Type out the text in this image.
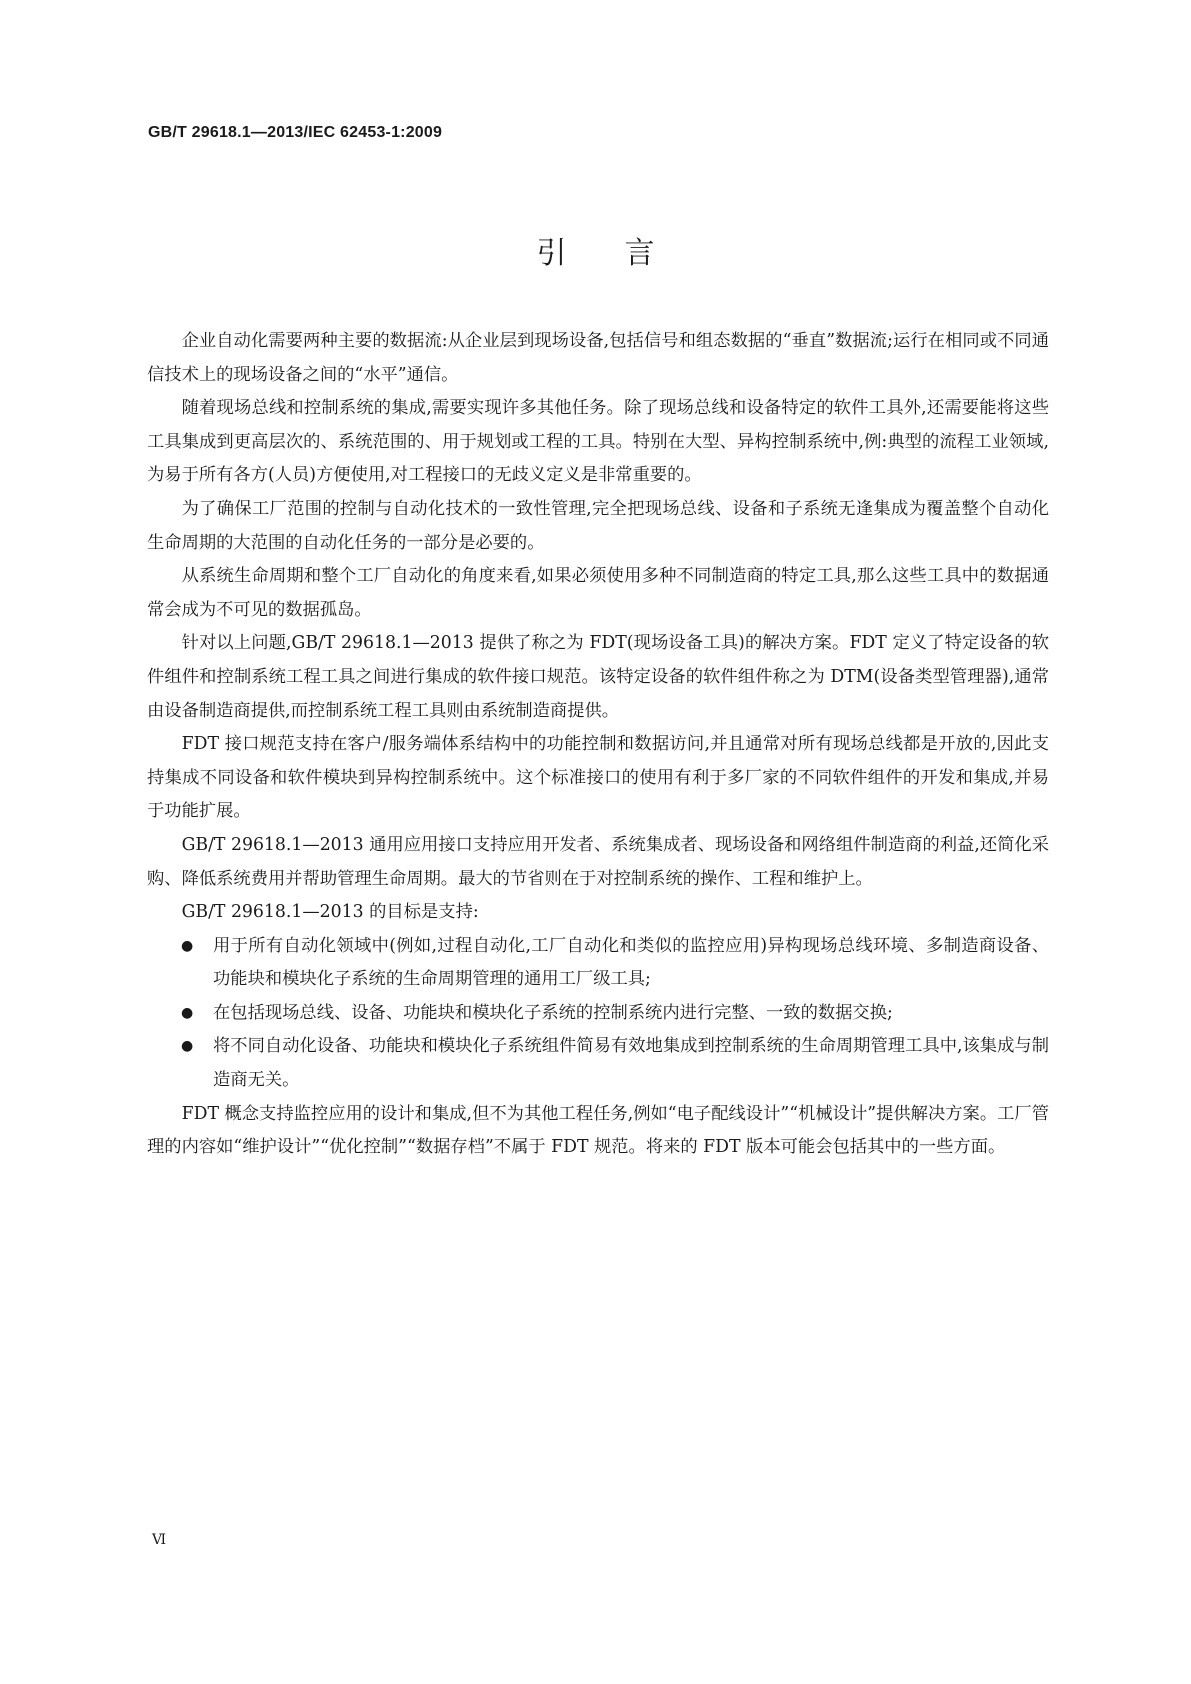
GB/T 29618.1—2013/IEC 62453-1:2009
引言

企业自动化需要两种主要的数据流:从企业层到现场设备,包括信号和组态数据的“垂直”数据流;运行在相同或不同通信技术上的现场设备之间的“水平”通信。

随着现场总线和控制系统的集成,需要实现许多其他任务。除了现场总线和设备特定的软件工具外,还需要能将这些工具集成到更高层次的、系统范围的、用于规划或工程的工具。特别在大型、异构控制系统中,例:典型的流程工业领域,为易于所有各方(人员)方便使用,对工程接口的无歧义定义是非常重要的。

为了确保工厂范围的控制与自动化技术的一致性管理,完全把现场总线、设备和子系统无逢集成为覆盖整个自动化生命周期的大范围的自动化任务的一部分是必要的。

从系统生命周期和整个工厂自动化的角度来看,如果必须使用多种不同制造商的特定工具,那么这些工具中的数据通常会成为不可见的数据孤岛。

针对以上问题,GB/T 29618.1—2013 提供了称之为 FDT(现场设备工具)的解决方案。FDT 定义了特定设备的软件组件和控制系统工程工具之间进行集成的软件接口规范。该特定设备的软件组件称之为 DTM(设备类型管理器),通常由设备制造商提供,而控制系统工程工具则由系统制造商提供。

FDT 接口规范支持在客户/服务端体系结构中的功能控制和数据访问,并且通常对所有现场总线都是开放的,因此支持集成不同设备和软件模块到异构控制系统中。这个标准接口的使用有利于多厂家的不同软件组件的开发和集成,并易于功能扩展。

GB/T 29618.1—2013 通用应用接口支持应用开发者、系统集成者、现场设备和网络组件制造商的利益,还简化采购、降低系统费用并帮助管理生命周期。最大的节省则在于对控制系统的操作、工程和维护上。

GB/T 29618.1—2013 的目标是支持:

● 用于所有自动化领域中(例如,过程自动化,工厂自动化和类似的监控应用)异构现场总线环境、多制造商设备、功能块和模块化子系统的生命周期管理的通用工厂级工具;
● 在包括现场总线、设备、功能块和模块化子系统的控制系统内进行完整、一致的数据交换;
● 将不同自动化设备、功能块和模块化子系统组件简易有效地集成到控制系统的生命周期管理工具中,该集成与制造商无关。

FDT 概念支持监控应用的设计和集成,但不为其他工程任务,例如“电子配线设计”“机械设计”提供解决方案。工厂管理的内容如“维护设计”“优化控制”“数据存档”不属于 FDT 规范。将来的 FDT 版本可能会包括其中的一些方面。

Ⅵ
